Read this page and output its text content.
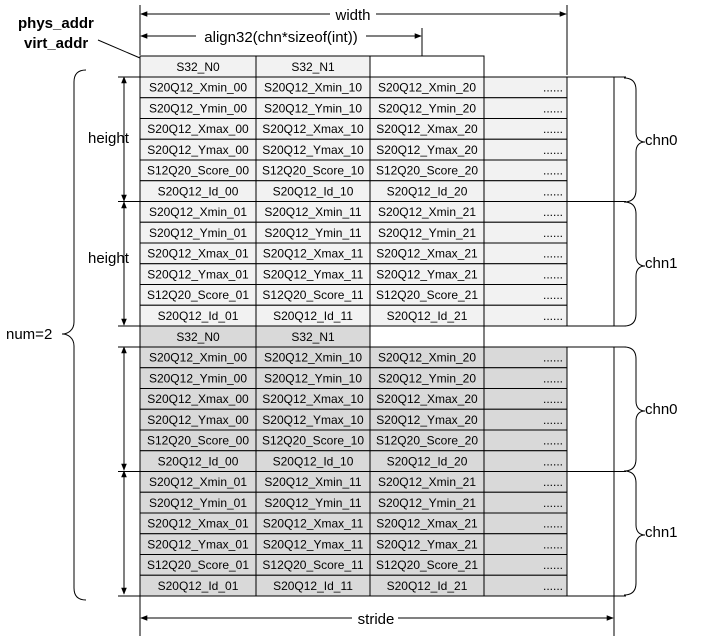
phys_addr
virt_addr
width
align32(chn*sizeof(int))
height
height
num=2
chn0
chn1
chn0
chn1
stride
S32_N0	S32_N1
S20Q12_Xmin_00 S20Q12_Xmin_10 S20Q12_Xmin_20	......
S20Q12_Ymin_00 S20Q12_Ymin_10 S20Q12_Ymin_20	......
S20Q12_Xmax_00 S20Q12_Xmax_10 S20Q12_Xmax_20	......
S20Q12_Ymax_00 S20Q12_Ymax_10 S20Q12_Ymax_20	......
S12Q20_Score_00 S12Q20_Score_10 S12Q20_Score_20	......
S20Q12_Id_00	S20Q12_Id_10	S20Q12_Id_20	......
S20Q12_Xmin_01 S20Q12_Xmin_11 S20Q12_Xmin_21	......
S20Q12_Ymin_01 S20Q12_Ymin_11 S20Q12_Ymin_21	......
S20Q12_Xmax_01 S20Q12_Xmax_11 S20Q12_Xmax_21	......
S20Q12_Ymax_01 S20Q12_Ymax_11 S20Q12_Ymax_21	......
S12Q20_Score_01 S12Q20_Score_11 S12Q20_Score_21	......
S20Q12_Id_01	S20Q12_Id_11	S20Q12_Id_21	......
S32_N0	S32_N1
S20Q12_Xmin_00 S20Q12_Xmin_10 S20Q12_Xmin_20	......
S20Q12_Ymin_00 S20Q12_Ymin_10 S20Q12_Ymin_20	......
S20Q12_Xmax_00 S20Q12_Xmax_10 S20Q12_Xmax_20	......
S20Q12_Ymax_00 S20Q12_Ymax_10 S20Q12_Ymax_20	......
S12Q20_Score_00 S12Q20_Score_10 S12Q20_Score_20	......
S20Q12_Id_00	S20Q12_Id_10	S20Q12_Id_20	......
S20Q12_Xmin_01 S20Q12_Xmin_11 S20Q12_Xmin_21	......
S20Q12_Ymin_01 S20Q12_Ymin_11 S20Q12_Ymin_21	......
S20Q12_Xmax_01 S20Q12_Xmax_11 S20Q12_Xmax_21	......
S20Q12_Ymax_01 S20Q12_Ymax_11 S20Q12_Ymax_21	......
S12Q20_Score_01 S12Q20_Score_11 S12Q20_Score_21	......
S20Q12_Id_01	S20Q12_Id_11	S20Q12_Id_21	......
